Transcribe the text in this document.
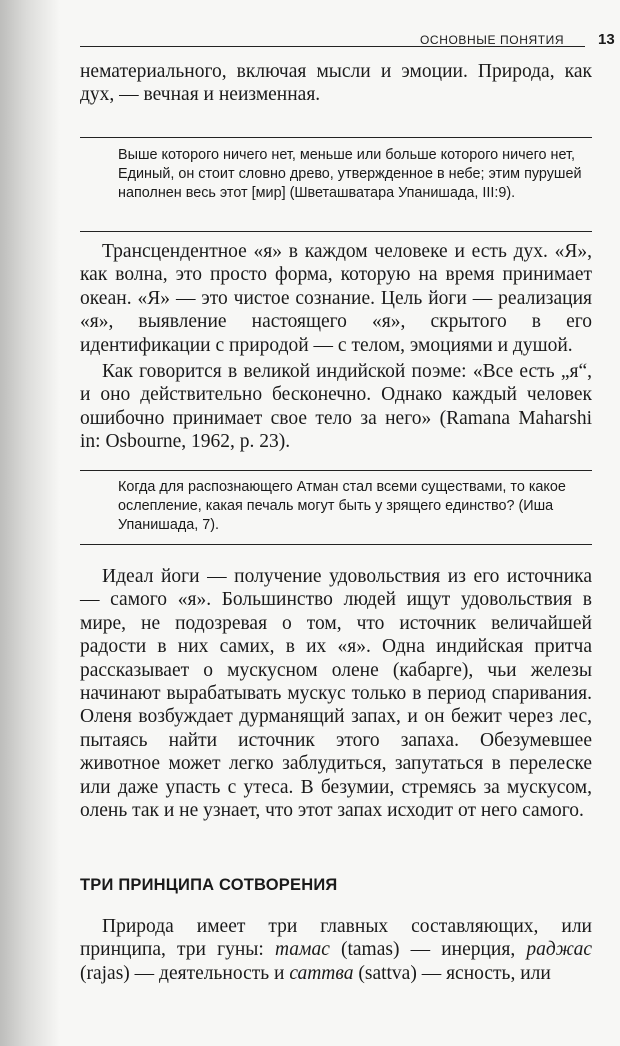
ОСНОВНЫЕ ПОНЯТИЯ 13

нематериального, включая мысли и эмоции. Природа, как дух, — вечная и неизменная.

Выше которого ничего нет, меньше или больше которого ничего нет, Единый, он стоит словно древо, утвержденное в небе; этим пурушей наполнен весь этот [мир] (Шветашватара Упанишада, III:9).

Трансцендентное «я» в каждом человеке и есть дух. «Я», как волна, это просто форма, которую на время принимает океан. «Я» — это чистое сознание. Цель йоги — реализация «я», выявление настоящего «я», скрытого в его идентификации с природой — с телом, эмоциями и душой.

Как говорится в великой индийской поэме: «Все есть „я“, и оно действительно бесконечно. Однако каждый человек ошибочно принимает свое тело за него» (Ramana Maharshi in: Osbourne, 1962, p. 23).

Когда для распознающего Атман стал всеми существами, то какое ослепление, какая печаль могут быть у зрящего единство? (Иша Упанишада, 7).

Идеал йоги — получение удовольствия из его источника — самого «я». Большинство людей ищут удовольствия в мире, не подозревая о том, что источник величайшей радости в них самих, в их «я». Одна индийская притча рассказывает о мускусном олене (кабарге), чьи железы начинают вырабатывать мускус только в период спаривания. Оленя возбуждает дурманящий запах, и он бежит через лес, пытаясь найти источник этого запаха. Обезумевшее животное может легко заблудиться, запутаться в перелеске или даже упасть с утеса. В безумии, стремясь за мускусом, олень так и не узнает, что этот запах исходит от него самого.

ТРИ ПРИНЦИПА СОТВОРЕНИЯ

Природа имеет три главных составляющих, или принципа, три гуны: тамас (tamas) — инерция, раджас (rajas) — деятельность и саттва (sattva) — ясность, или
